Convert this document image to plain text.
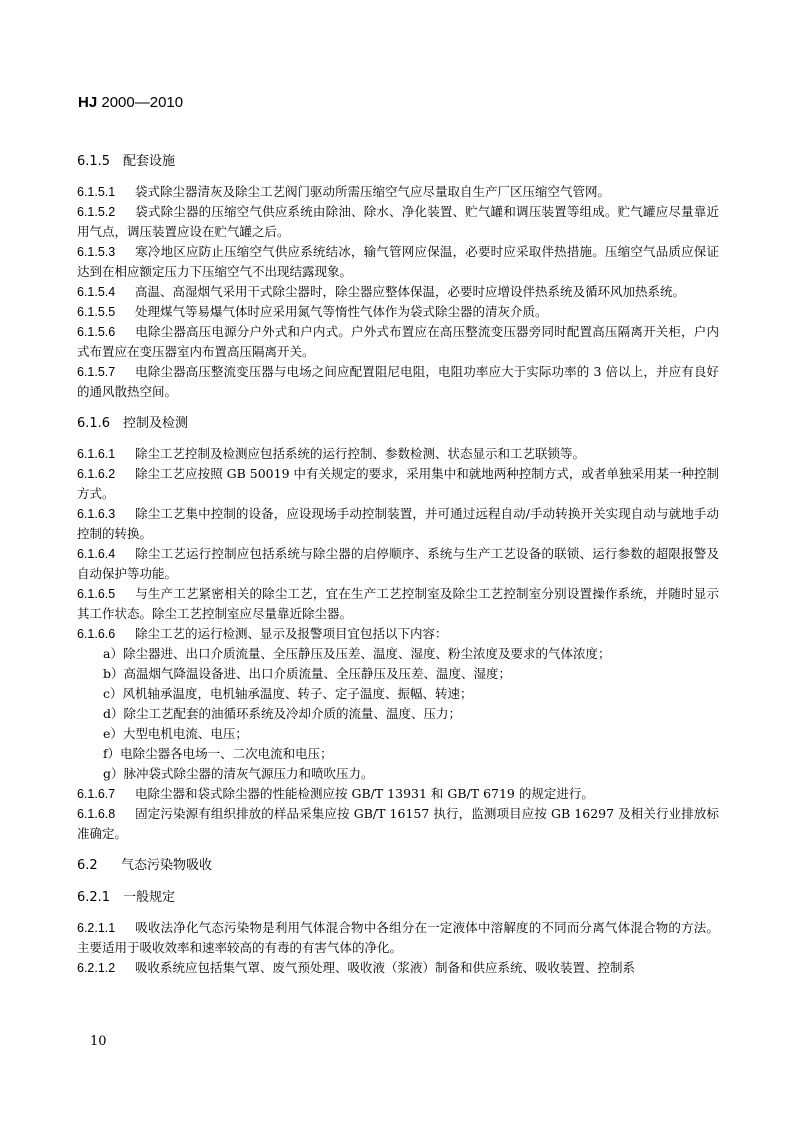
HJ 2000—2010
6.1.5 配套设施

6.1.5.1 袋式除尘器清灰及除尘工艺阀门驱动所需压缩空气应尽量取自生产厂区压缩空气管网。

6.1.5.2 袋式除尘器的压缩空气供应系统由除油、除水、净化装置、贮气罐和调压装置等组成。贮气罐应尽量靠近用气点，调压装置应设在贮气罐之后。

6.1.5.3 寒冷地区应防止压缩空气供应系统结冰，输气管网应保温，必要时应采取伴热措施。压缩空气品质应保证达到在相应额定压力下压缩空气不出现结露现象。

6.1.5.4 高温、高湿烟气采用干式除尘器时，除尘器应整体保温，必要时应增设伴热系统及循环风加热系统。

6.1.5.5 处理煤气等易爆气体时应采用氮气等惰性气体作为袋式除尘器的清灰介质。

6.1.5.6 电除尘器高压电源分户外式和户内式。户外式布置应在高压整流变压器旁同时配置高压隔离开关柜，户内式布置应在变压器室内布置高压隔离开关。

6.1.5.7 电除尘器高压整流变压器与电场之间应配置阻尼电阻，电阻功率应大于实际功率的 3 倍以上，并应有良好的通风散热空间。

6.1.6 控制及检测

6.1.6.1 除尘工艺控制及检测应包括系统的运行控制、参数检测、状态显示和工艺联锁等。

6.1.6.2 除尘工艺应按照 GB 50019 中有关规定的要求，采用集中和就地两种控制方式，或者单独采用某一种控制方式。

6.1.6.3 除尘工艺集中控制的设备，应设现场手动控制装置，并可通过远程自动/手动转换开关实现自动与就地手动控制的转换。

6.1.6.4 除尘工艺运行控制应包括系统与除尘器的启停顺序、系统与生产工艺设备的联锁、运行参数的超限报警及自动保护等功能。

6.1.6.5 与生产工艺紧密相关的除尘工艺，宜在生产工艺控制室及除尘工艺控制室分别设置操作系统，并随时显示其工作状态。除尘工艺控制室应尽量靠近除尘器。

6.1.6.6 除尘工艺的运行检测、显示及报警项目宜包括以下内容：

a）除尘器进、出口介质流量、全压静压及压差、温度、湿度、粉尘浓度及要求的气体浓度；

b）高温烟气降温设备进、出口介质流量、全压静压及压差、温度、湿度；

c）风机轴承温度，电机轴承温度、转子、定子温度、振幅、转速；

d）除尘工艺配套的油循环系统及冷却介质的流量、温度、压力；

e）大型电机电流、电压；

f）电除尘器各电场一、二次电流和电压；

g）脉冲袋式除尘器的清灰气源压力和喷吹压力。

6.1.6.7 电除尘器和袋式除尘器的性能检测应按 GB/T 13931 和 GB/T 6719 的规定进行。

6.1.6.8 固定污染源有组织排放的样品采集应按 GB/T 16157 执行，监测项目应按 GB 16297 及相关行业排放标准确定。

6.2 气态污染物吸收
6.2.1 一般规定

6.2.1.1 吸收法净化气态污染物是利用气体混合物中各组分在一定液体中溶解度的不同而分离气体混合物的方法。主要适用于吸收效率和速率较高的有毒的有害气体的净化。

6.2.1.2 吸收系统应包括集气罩、废气预处理、吸收液（浆液）制备和供应系统、吸收装置、控制系

10
